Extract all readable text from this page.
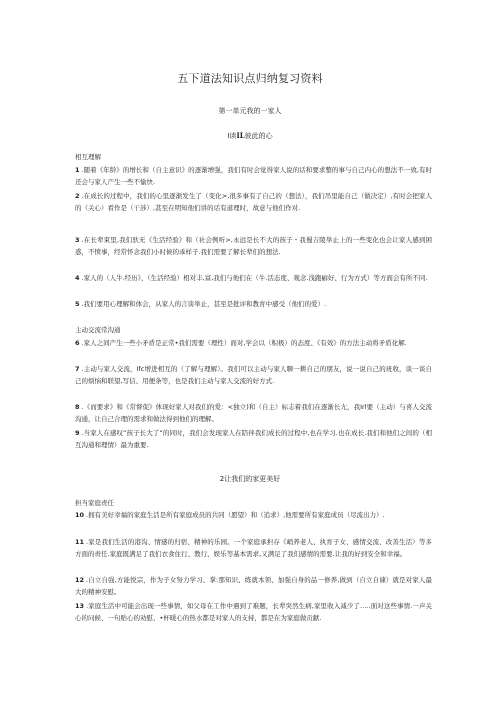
五下道法知识点归纳复习资料
第一单元我的一家人
I读IL彼此的心
相互理解
1 .随着《年龄》的增长和（自主意识》的逐渐增强，我们有时会觉得家人说的话和要求整的事与自己内心的想法不一致,有时还会与家人产生一些不愉快.
2 .在成长的过程中，我们的心里逐渐发生了（变化>,很多事有了自己的（想法），我们吊里能自己（做决定）,有时会把家人的（关心）看作是（干涉）,甚至在明知他们讲的话有道理时，故意与他们作对.
3 .在长辈束里,我们驮无《生活经验》和（社会例听>,永远是长不大的孩子・我蜀吉陵举止上的一些变化也会让家人感到困惑，不愤事，经常怀念我们小时候的乖样子.我们需要了解长辈们的想法.
4 .家人的（人牛.经历》、（生活经验）相对丰,富,我们与他们在（牛.活态度、观念.浅跑癖好、行为方式）等方面会有所不同.
5 .我们要用心理解和体会，从家人的言谈举止，甚至是批评和教育中感受（他们的爱）.
主动交流常沟通
6 .家人之间产生一些小矛盾是正常•我们需要（理性）面对,学会以（积极）的态度、《有效》的方法主动将矛盾化解.
7 .主动与家人交流，Ifc增进相互的（了解与理解）。我们可以主动与家人聊一耕自己的朋友，说一说自己的班收，谈一谈自己的烦恼和联望,写信、用便条等，也是我们主动与家人交流的好方式.
8 .《而要求》和《常督促》体现好家人对我们的爱：<独立)和（自主）标志着我们在逐渐长尢，我Irl要（主动）与喜人交流沟通，让自己合理的需求和做法得到他们的理解。
9 .当家人在感叹“孩子长大了”的同时，我们会发现家人在陪伴我们成长的过程中,也在学习.也在成长.我们和他们之间的（相互沟通和理情）最为重要.
2让我们的家更美好
担当家庭责任
10 .拥有美好幸福的家庭生活是所有家庭成员的共同（愿望）和（追求）,他需要所有家庭成员（尽流出力）.
11 .家是我们生活的港沟、情感的归宿、精神的乐园。一个家庭承担存《峭养老人、执育子女、感情交流、改善生活）等多方面的责任.家庭既满足了我们衣食住行、教行、娱乐等基本需求,又满足了我们感情的需要.让我的好到安全和幸福。
12 .自立自强,方能悦宗，作为子女努力学习、掌:那知识、练就本领、加强自身的品一修养,做到（自立自谏）就是对家人最大的精神安慰。
13 .家庭生活中可能会出现一些事情，如父母在工作中遇到了难题，长辈突然生病,家里收入减少了…..面对这些事情.一声关心的问候、一句贴心的劝慰、•杯暖心的热水都是对家人的支持，都是在为家庭做贡献.
